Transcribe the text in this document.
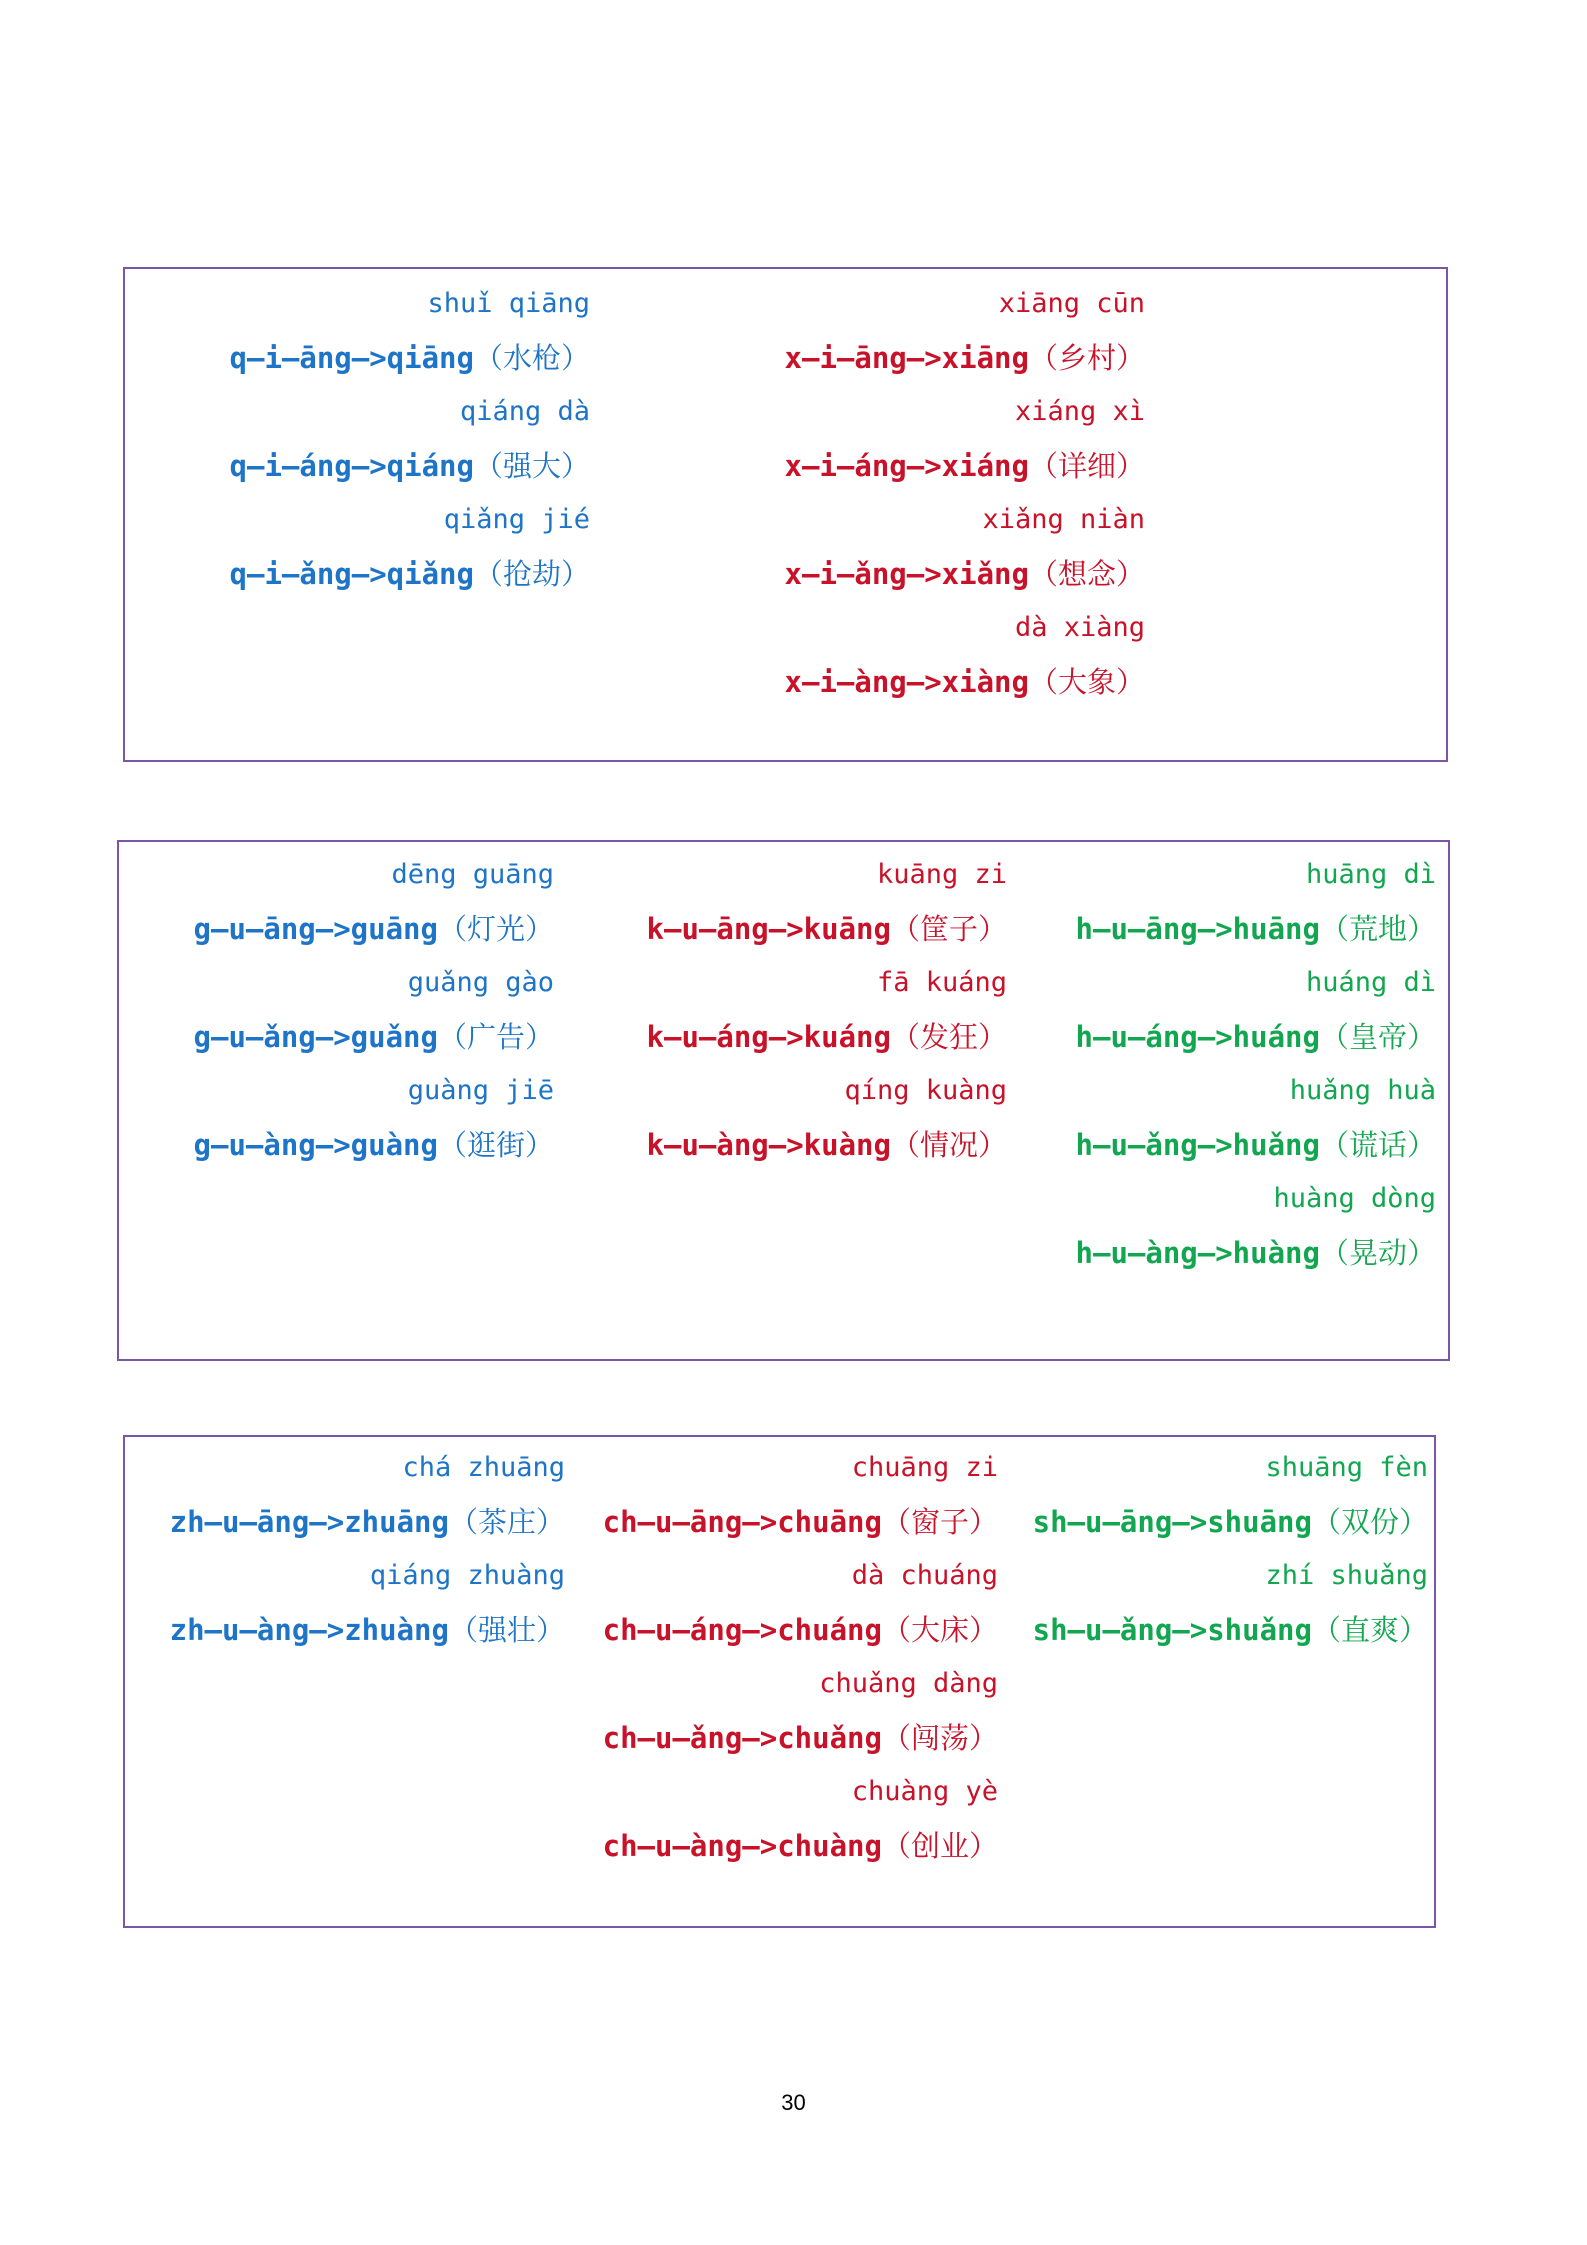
shuǐ qiāng
q—i—āng—>qiāng（水枪）
qiáng dà
q—i—áng—>qiáng（强大）
qiǎng jié
q—i—ǎng—>qiǎng（抢劫）
xiāng cūn
x—i—āng—>xiāng（乡村）
xiáng xì
x—i—áng—>xiáng（详细）
xiǎng niàn
x—i—ǎng—>xiǎng（想念）
dà xiàng
x—i—àng—>xiàng（大象）
dēng guāng
g—u—āng—>guāng（灯光）
guǎng gào
g—u—ǎng—>guǎng（广告）
guàng jiē
g—u—àng—>guàng（逛街）
kuāng zi
k—u—āng—>kuāng（筐子）
fā kuáng
k—u—áng—>kuáng（发狂）
qíng kuàng
k—u—àng—>kuàng（情况）
huāng dì
h—u—āng—>huāng（荒地）
huáng dì
h—u—áng—>huáng（皇帝）
huǎng huà
h—u—ǎng—>huǎng（谎话）
huàng dòng
h—u—àng—>huàng（晃动）
chá zhuāng
zh—u—āng—>zhuāng（茶庄）
qiáng zhuàng
zh—u—àng—>zhuàng（强壮）
chuāng zi
ch—u—āng—>chuāng（窗子）
dà chuáng
ch—u—áng—>chuáng（大床）
chuǎng dàng
ch—u—ǎng—>chuǎng（闯荡）
chuàng yè
ch—u—àng—>chuàng（创业）
shuāng fèn
sh—u—āng—>shuāng（双份）
zhí shuǎng
sh—u—ǎng—>shuǎng（直爽）
30
